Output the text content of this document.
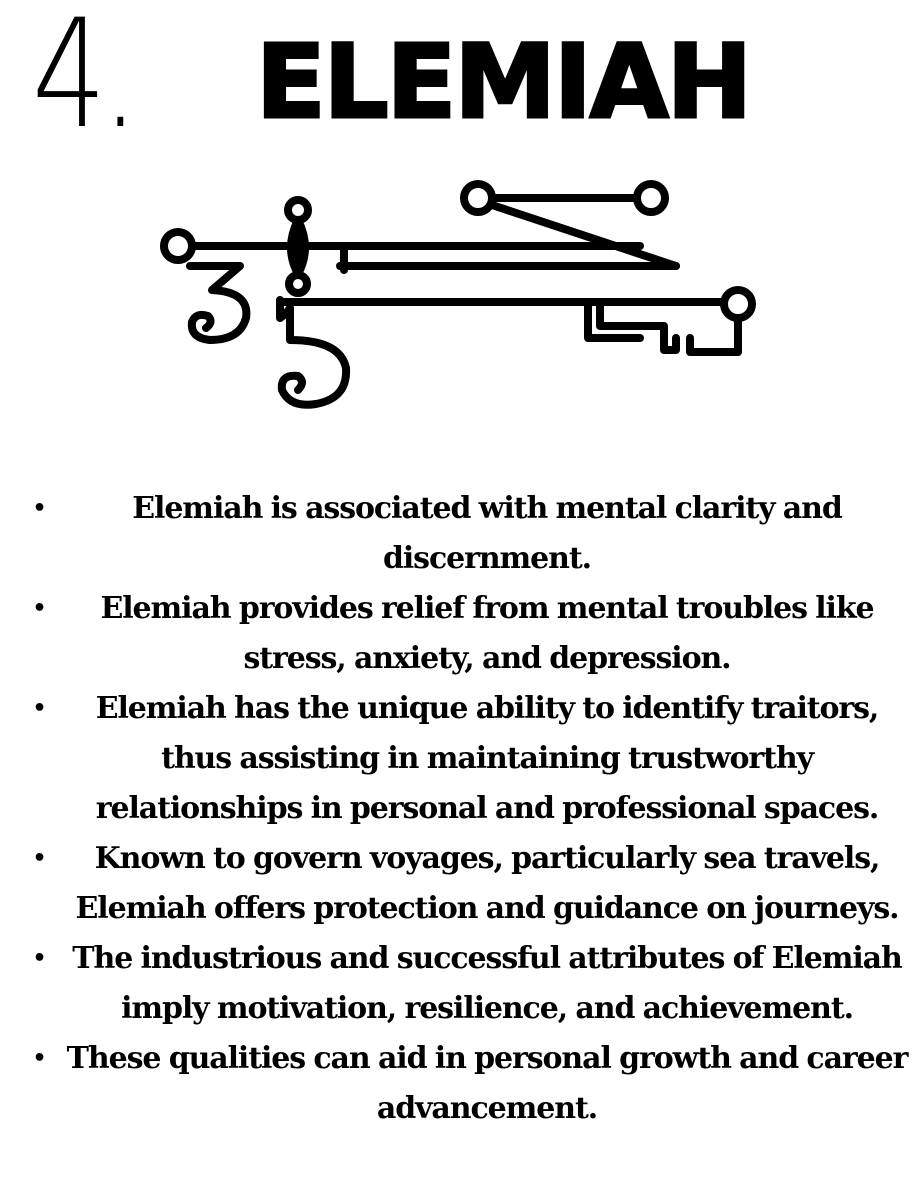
4. ELEMIAH
•	Elemiah is associated with mental clarity and discernment.
• Elemiah provides relief from mental troubles like stress, anxiety, and depression.
• Elemiah has the unique ability to identify traitors, thus assisting in maintaining trustworthy relationships in personal and professional spaces.
• Known to govern voyages, particularly sea travels, Elemiah offers protection and guidance on journeys.
• The industrious and successful attributes of Elemiah imply motivation, resilience, and achievement.
• These qualities can aid in personal growth and career advancement.
